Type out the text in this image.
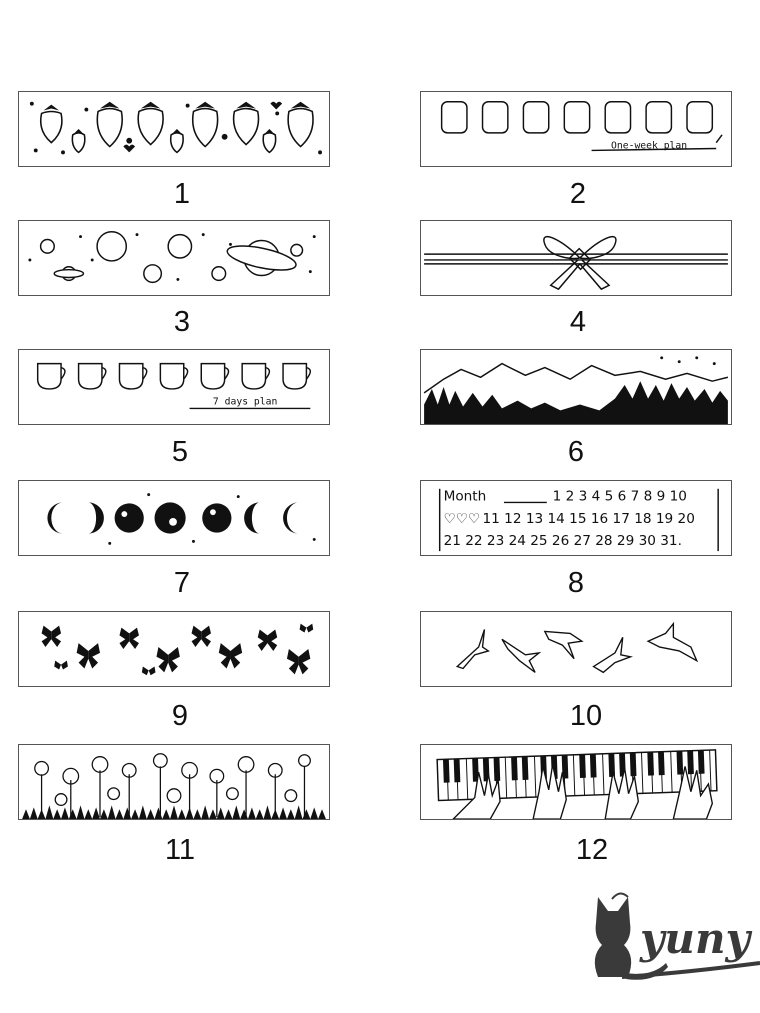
1
One-week plan
2
3	4
7 days plan
5	6
7
Month	1 2 3 4 5 6 7 8 9 10
♡♡♡ 11 12 13 14 15 16 17 18 19 20
21 22 23 24 25 26 27 28 29 30 31.
8
9	10
11	12
yuny
